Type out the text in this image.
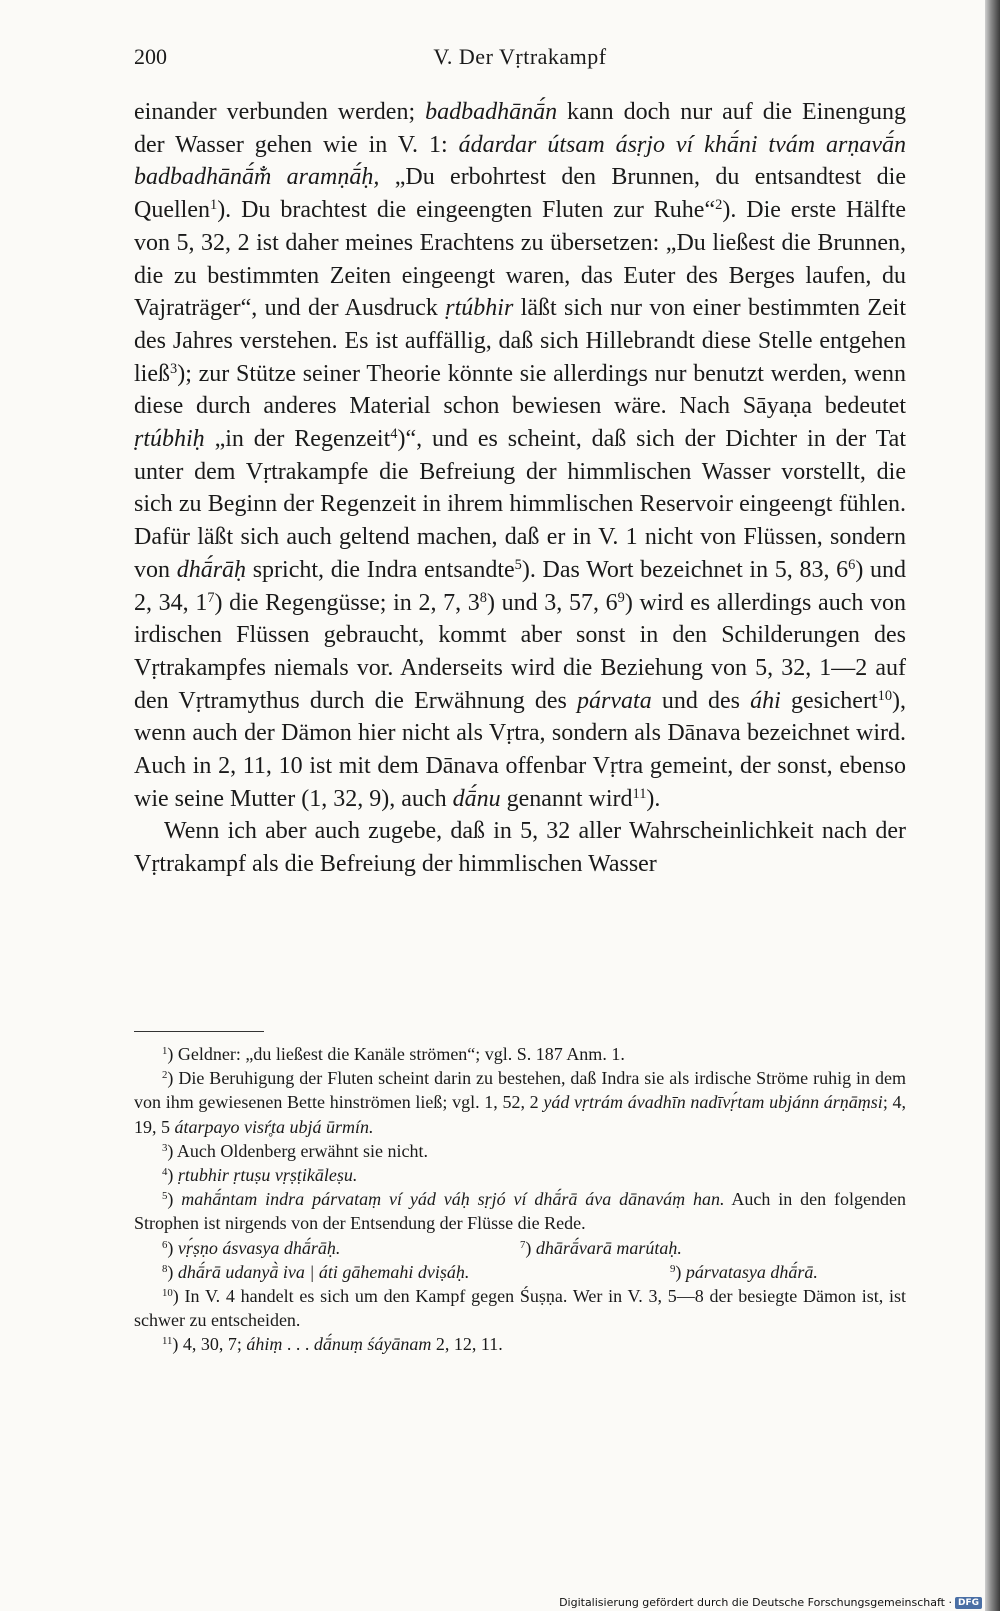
200	V. Der Vṛtrakampf

einander verbunden werden; badbadhānā́n kann doch nur auf die Einengung der Wasser gehen wie in V. 1: ádardar útsam ásṛjo ví khā́ni tvám arṇavā́n badbadhānā́m̐ aramṇā́ḥ, „Du erbohrtest den Brunnen, du entsandtest die Quellen$^1$). Du brachtest die eingeengten Fluten zur Ruhe“$^2$). Die erste Hälfte von 5, 32, 2 ist daher meines Erachtens zu übersetzen: „Du ließest die Brunnen, die zu bestimmten Zeiten eingeengt waren, das Euter des Berges laufen, du Vajraträger“, und der Ausdruck ṛtúbhir läßt sich nur von einer bestimmten Zeit des Jahres verstehen. Es ist auffällig, daß sich Hillebrandt diese Stelle entgehen ließ$^3$); zur Stütze seiner Theorie könnte sie allerdings nur benutzt werden, wenn diese durch anderes Material schon bewiesen wäre. Nach Sāyaṇa bedeutet ṛtúbhiḥ „in der Regenzeit$^4$)“, und es scheint, daß sich der Dichter in der Tat unter dem Vṛtrakampfe die Befreiung der himmlischen Wasser vorstellt, die sich zu Beginn der Regenzeit in ihrem himmlischen Reservoir eingeengt fühlen. Dafür läßt sich auch geltend machen, daß er in V. 1 nicht von Flüssen, sondern von dhā́rāḥ spricht, die Indra entsandte$^5$). Das Wort bezeichnet in 5, 83, $6^6$) und 2, 34, $1^7$) die Regengüsse; in 2, 7, $3^8$) und 3, 57, $6^9$) wird es allerdings auch von irdischen Flüssen gebraucht, kommt aber sonst in den Schilderungen des Vṛtrakampfes niemals vor. Anderseits wird die Beziehung von 5, 32, 1—2 auf den Vṛtramythus durch die Erwähnung des párvata und des áhi gesichert$^{10}$), wenn auch der Dämon hier nicht als Vṛtra, sondern als Dānava bezeichnet wird. Auch in 2, 11, 10 ist mit dem Dānava offenbar Vṛtra gemeint, der sonst, ebenso wie seine Mutter (1, 32, 9), auch dā́nu genannt wird$^{11}$).

Wenn ich aber auch zugebe, daß in 5, 32 aller Wahrscheinlichkeit nach der Vṛtrakampf als die Befreiung der himmlischen Wasser

$^1$) Geldner: „du ließest die Kanäle strömen“; vgl. S. 187 Anm. 1.

$^2$) Die Beruhigung der Fluten scheint darin zu bestehen, daß Indra sie als irdische Ströme ruhig in dem von ihm gewiesenen Bette hinströmen ließ; vgl. 1, 52, 2 yád vṛtrám ávadhīn nadīvṛ́tam ubjánn árṇāṃsi; 4, 19, 5 átarpayo visŕ̥ta ubjá ūrmín.

$^3$) Auch Oldenberg erwähnt sie nicht.

$^4$) ṛtubhir ṛtuṣu vṛṣṭikāleṣu.

$^5$) mahā́ntam indra párvataṃ ví yád váḥ sṛjó ví dhā́rā áva dānaváṃ han. Auch in den folgenden Strophen ist nirgends von der Entsendung der Flüsse die Rede.

$^6$) vṛ́ṣṇo ásvasya dhā́rāḥ.	$^7$) dhārā́varā marútaḥ.
$^8$) dhā́rā udanyā̀ iva | áti gāhemahi dviṣáḥ.	$^9$) párvatasya dhā́rā.

$^{10}$) In V. 4 handelt es sich um den Kampf gegen Śuṣṇa. Wer in V. 3, 5—8 der besiegte Dämon ist, ist schwer zu entscheiden.

$^{11}$) 4, 30, 7; áhiṃ . . . dā́nuṃ śáyānam 2, 12, 11.

Digitalisierung gefördert durch die Deutsche Forschungsgemeinschaft · DFG
